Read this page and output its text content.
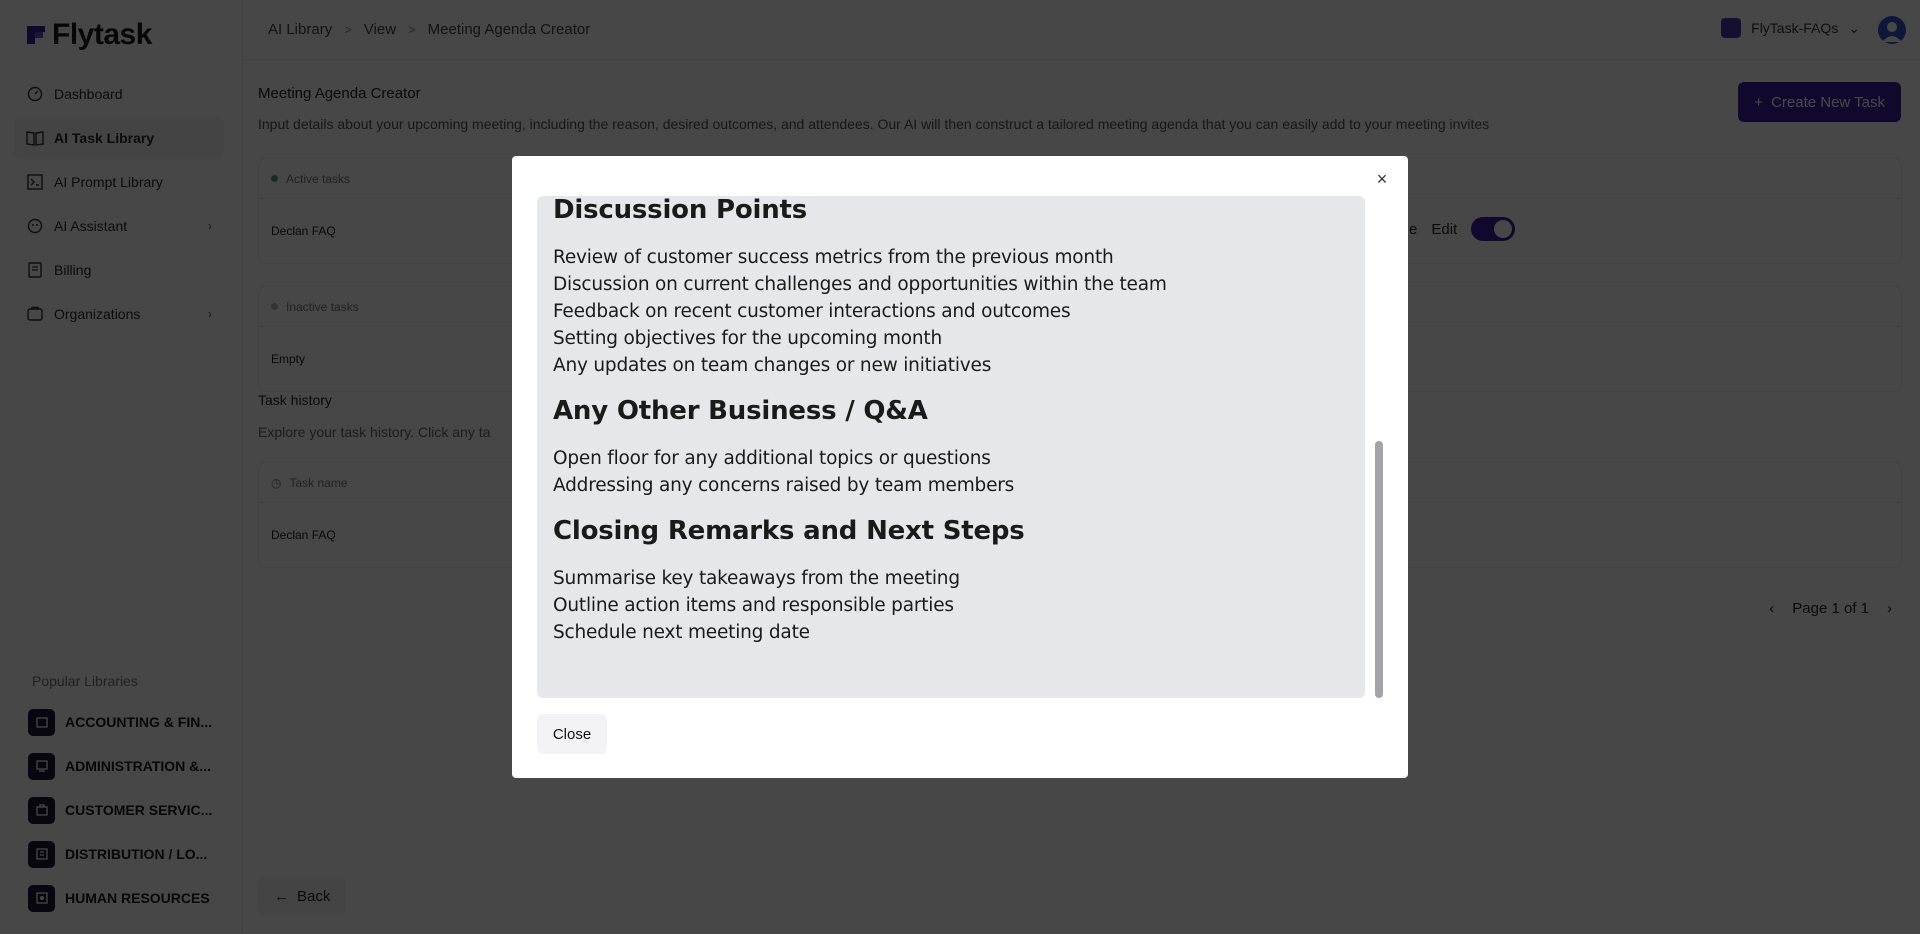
×
Discussion Points
Review of customer success metrics from the previous month
Discussion on current challenges and opportunities within the team
Feedback on recent customer interactions and outcomes
Setting objectives for the upcoming month
Any updates on team changes or new initiatives
Any Other Business / Q&A
Open floor for any additional topics or questions
Addressing any concerns raised by team members
Closing Remarks and Next Steps
Summarise key takeaways from the meeting
Outline action items and responsible parties
Schedule next meeting date
Close
